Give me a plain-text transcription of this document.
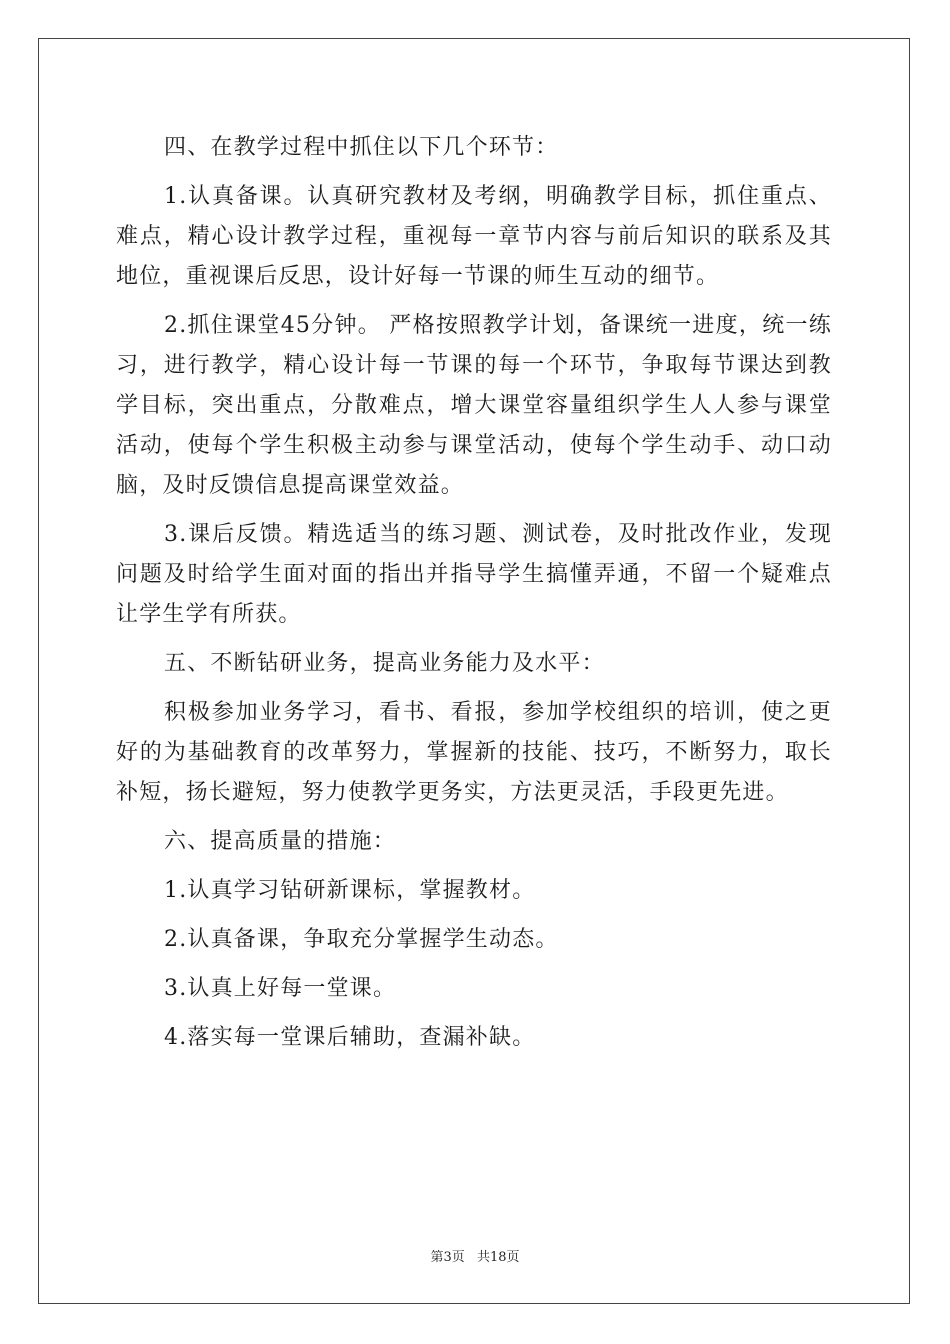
四、在教学过程中抓住以下几个环节：

1.认真备课。认真研究教材及考纲，明确教学目标，抓住重点、难点，精心设计教学过程，重视每一章节内容与前后知识的联系及其地位，重视课后反思，设计好每一节课的师生互动的细节。

2.抓住课堂45分钟。 严格按照教学计划，备课统一进度，统一练习，进行教学，精心设计每一节课的每一个环节，争取每节课达到教学目标，突出重点，分散难点，增大课堂容量组织学生人人参与课堂活动，使每个学生积极主动参与课堂活动，使每个学生动手、动口动脑，及时反馈信息提高课堂效益。

3.课后反馈。精选适当的练习题、测试卷，及时批改作业，发现问题及时给学生面对面的指出并指导学生搞懂弄通，不留一个疑难点让学生学有所获。

五、不断钻研业务，提高业务能力及水平：

积极参加业务学习，看书、看报，参加学校组织的培训，使之更好的为基础教育的改革努力，掌握新的技能、技巧，不断努力，取长补短，扬长避短，努力使教学更务实，方法更灵活，手段更先进。

六、提高质量的措施：

1.认真学习钻研新课标，掌握教材。

2.认真备课，争取充分掌握学生动态。

3.认真上好每一堂课。

4.落实每一堂课后辅助，查漏补缺。

第3页 共18页
